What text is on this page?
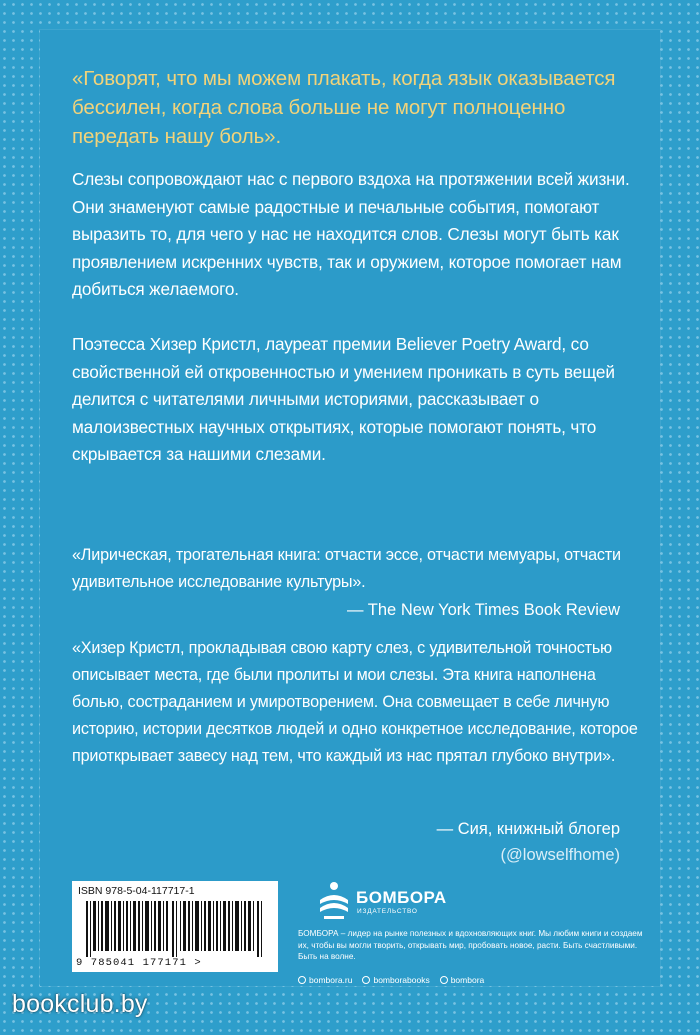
«Говорят, что мы можем плакать, когда язык оказывается бессилен, когда слова больше не могут полноценно передать нашу боль».

Слезы сопровождают нас с первого вздоха на протяжении всей жизни. Они знаменуют самые радостные и печальные события, помогают выразить то, для чего у нас не находится слов. Слезы могут быть как проявлением искренних чувств, так и оружием, которое помогает нам добиться желаемого.

Поэтесса Хизер Кристл, лауреат премии Believer Poetry Award, со свойственной ей откровенностью и умением проникать в суть вещей делится с читателями личными историями, рассказывает о малоизвестных научных открытиях, которые помогают понять, что скрывается за нашими слезами.

«Лирическая, трогательная книга: отчасти эссе, отчасти мемуары, отчасти удивительное исследование культуры».

— The New York Times Book Review

«Хизер Кристл, прокладывая свою карту слез, с удивительной точностью описывает места, где были пролиты и мои слезы. Эта книга наполнена болью, состраданием и умиротворением. Она совмещает в себе личную историю, истории десятков людей и одно конкретное исследование, которое приоткрывает завесу над тем, что каждый из нас прятал глубоко внутри».

— Сия, книжный блогер

(@lowselfhome)

ISBN 978-5-04-117717-1
9 785041 177171 >
БОМБОРА
ИЗДАТЕЛЬСТВО

БОМБОРА – лидер на рынке полезных и вдохновляющих книг. Мы любим книги и создаем их, чтобы вы могли творить, открывать мир, пробовать новое, расти. Быть счастливыми. Быть на волне.

bombora.ru bomborabooks bombora
bookclub.by
